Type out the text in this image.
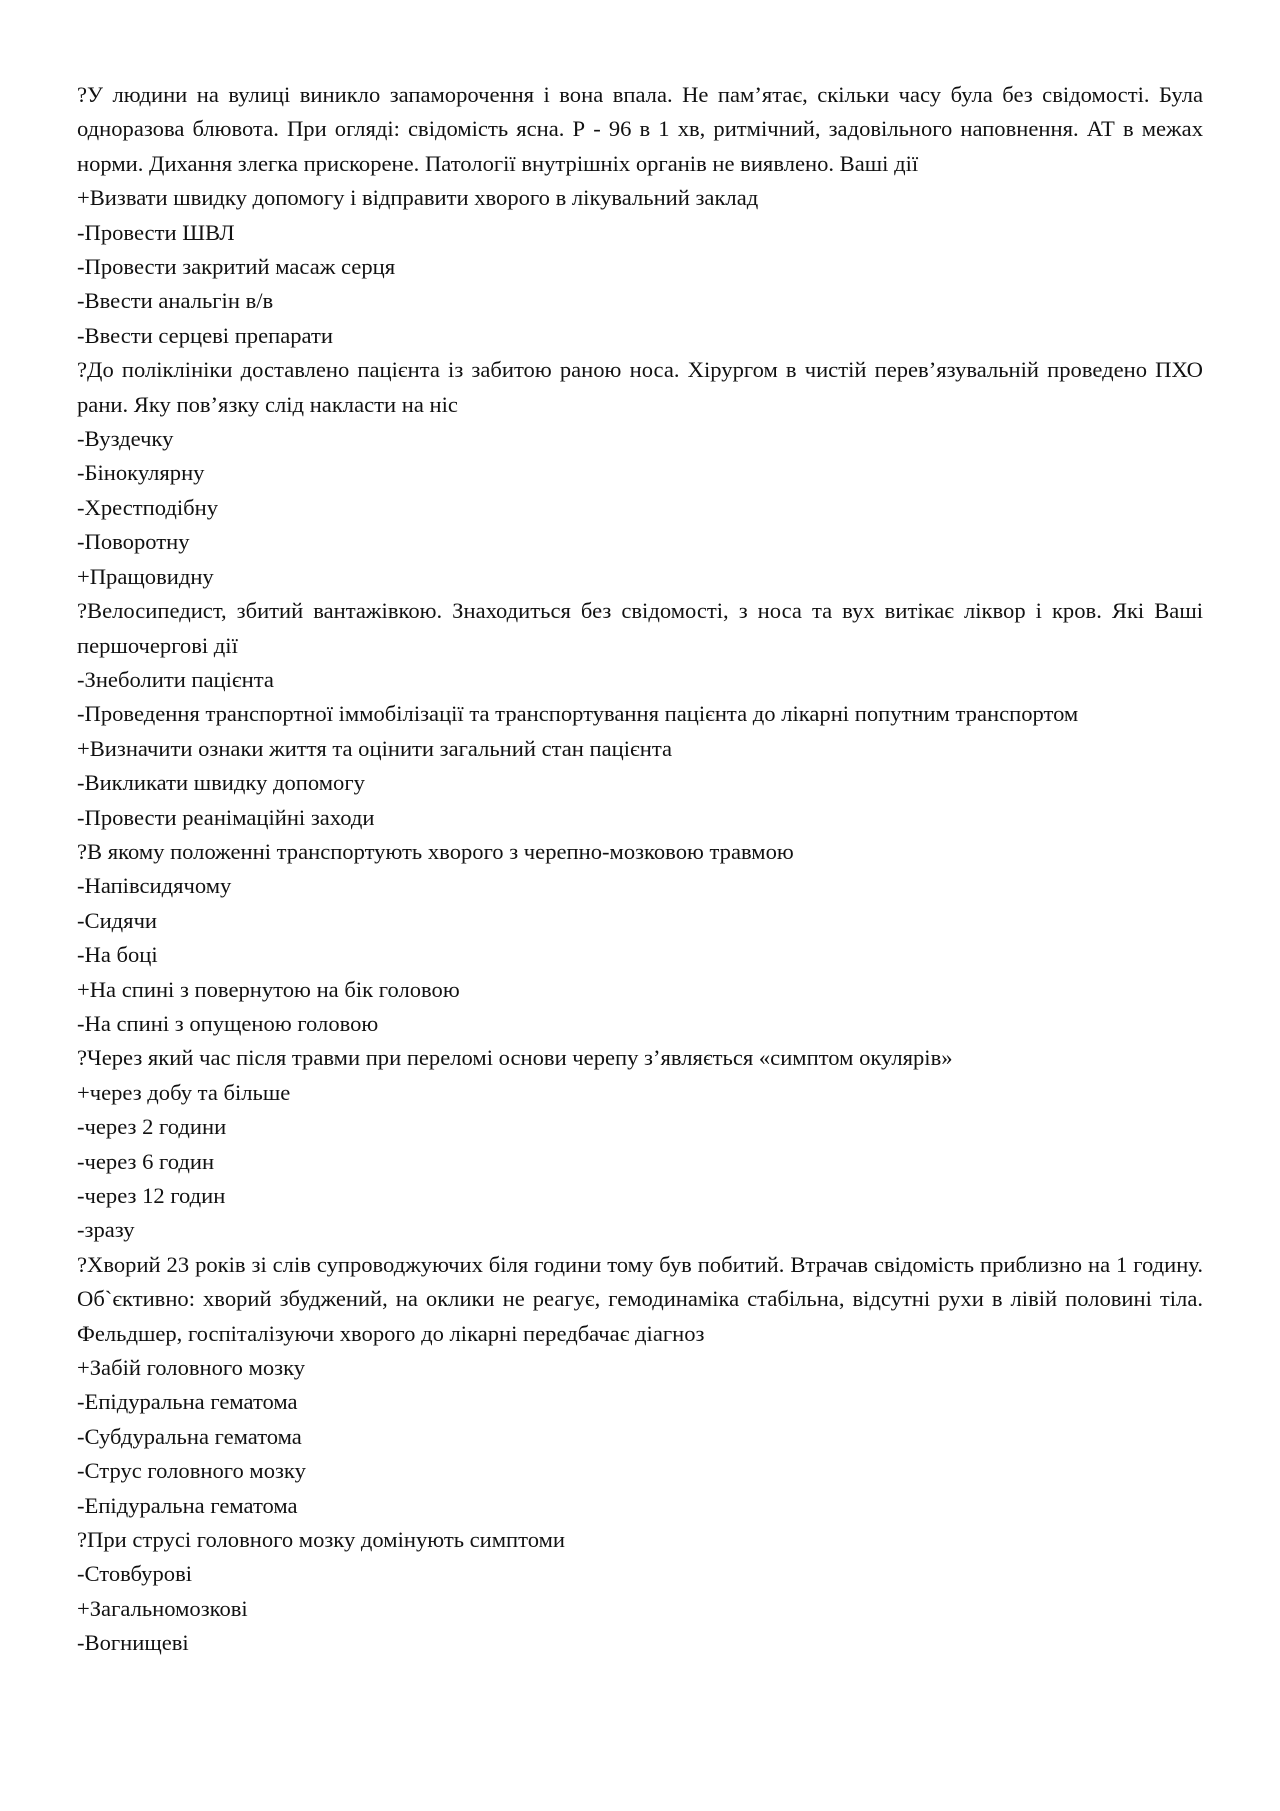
?У людини на вулиці виникло запаморочення і вона впала. Не пам’ятає, скільки часу була без свідомості. Була одноразова блювота. При огляді: свідомість ясна. Р - 96 в 1 хв, ритмічний, задовільного наповнення. АТ в межах норми. Дихання злегка прискорене. Патології внутрішніх органів не виявлено. Ваші дії

+Визвати швидку допомогу і відправити хворого в лікувальний заклад

-Провести ШВЛ

-Провести закритий масаж серця

-Ввести анальгін в/в

-Ввести серцеві препарати

?До поліклініки доставлено пацієнта із забитою раною носа. Хірургом в чистій перев’язувальній проведено ПХО рани. Яку пов’язку слід накласти на ніс

-Вуздечку

-Бінокулярну

-Хрестподібну

-Поворотну

+Пращовидну

?Велосипедист, збитий вантажівкою. Знаходиться без свідомості, з носа та вух витікає ліквор і кров. Які Ваші першочергові дії

-Знеболити пацієнта

-Проведення транспортної іммобілізації та транспортування пацієнта до лікарні попутним транспортом

+Визначити ознаки життя та оцінити загальний стан пацієнта

-Викликати швидку допомогу

-Провести реанімаційні заходи

?В якому положенні транспортують хворого з черепно-мозковою травмою

-Напівсидячому

-Сидячи

-На боці

+На спині з повернутою на бік головою

-На спині з опущеною головою

?Через який час після травми при переломі основи черепу з’являється «симптом окулярів»

+через добу та більше

-через 2 години

-через 6 годин

-через 12 годин

-зразу

?Хворий 23 років зі слів супроводжуючих біля години тому був побитий. Втрачав свідомість приблизно на 1 годину. Об`єктивно: хворий збуджений, на оклики не реагує, гемодинаміка стабільна, відсутні рухи в лівій половині тіла. Фельдшер, госпіталізуючи хворого до лікарні передбачає діагноз

+Забій головного мозку

-Епідуральна гематома

-Субдуральна гематома

-Струс головного мозку

-Епідуральна гематома

?При струсі головного мозку домінують симптоми

-Стовбурові

+Загальномозкові

-Вогнищеві
